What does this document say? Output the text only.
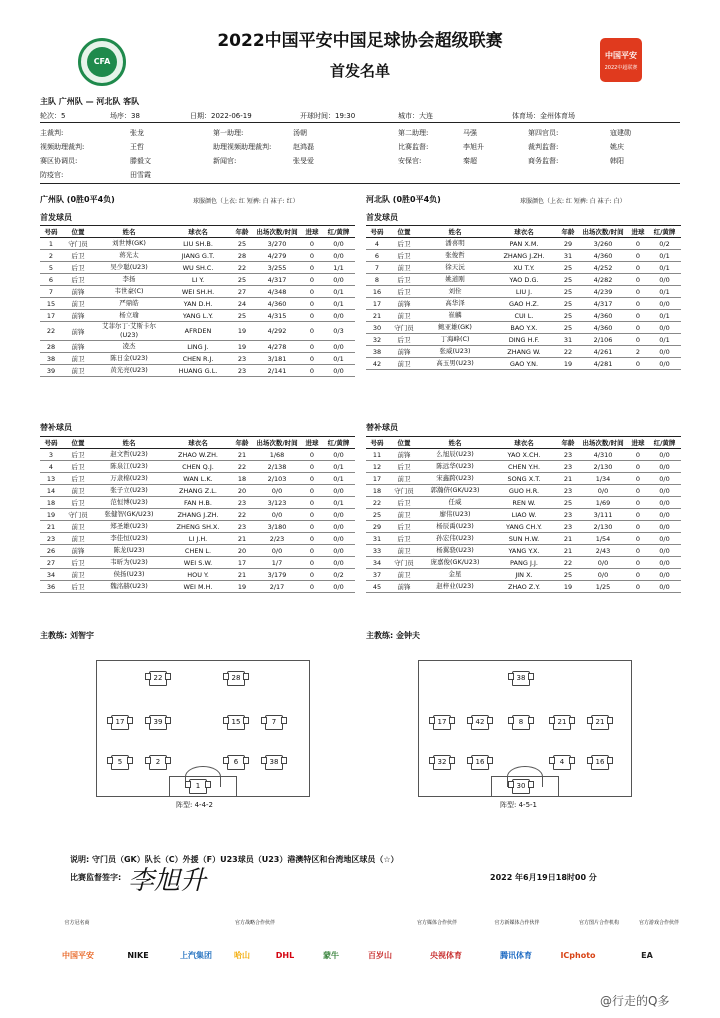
CFA
2022中国平安中国足球协会超级联赛
首发名单
中国平安
2022中超联赛
主队 广州队 — 河北队 客队
轮次：5	场序：38	日期：2022-06-19	开球时间：19:30	城市：大连	体育场：金州体育场
主裁判:	张龙	第一助理:	汤朝	第二助理:	马强	第四官员:	寇建勋
视频助理裁判:	王哲	助理视频助理裁判:	赵鸿磊	比赛监督:	李旭升	裁判监督:	姚庆
赛区协调员:	滕毅文	新闻官:	张旻爱	安保官:	秦超	商务监督:	韩阳
防疫官:	田雪霞
广州队 (0胜0平4负)	球服颜色（上衣: 红 短裤: 白 袜子: 红）	河北队 (0胜0平4负)	球服颜色（上衣: 红 短裤: 白 袜子: 白）
首发球员	首发球员
号码	位置	姓名	球衣名	年龄	出场次数/时间	进球	红/黄牌
1	守门员	刘世博(GK)	LIU SH.B.	25	3/270	0	0/0
2	后卫	蒋光太	JIANG G.T.	28	4/279	0	0/0
5	后卫	吴少聪(U23)	WU SH.C.	22	3/255	0	1/1
6	后卫	李扬	LI Y.	25	4/317	0	0/0
7	前锋	韦世豪(C)	WEI SH.H.	27	4/348	0	0/1
15	前卫	严鼎皓	YAN D.H.	24	4/360	0	0/1
17	前锋	杨立瑜	YANG L.Y.	25	4/315	0	0/0
22	前锋	艾菲尔丁·艾斯卡尔(U23)	AFRDEN	19	4/292	0	0/3
28	前锋	凌杰	LING J.	19	4/278	0	0/0
38	前卫	陈日金(U23)	CHEN R.J.	23	3/181	0	0/1
39	前卫	黄光亮(U23)	HUANG G.L.	23	2/141	0	0/0
号码	位置	姓名	球衣名	年龄	出场次数/时间	进球	红/黄牌
4	后卫	潘喜明	PAN X.M.	29	3/260	0	0/2
6	后卫	张俊哲	ZHANG J.ZH.	31	4/360	0	0/1
7	前卫	徐天沅	XU T.Y.	25	4/252	0	0/1
8	后卫	姚道刚	YAO D.G.	25	4/282	0	0/0
16	后卫	刘佺	LIU J.	25	4/239	0	0/1
17	前锋	高华泽	GAO H.Z.	25	4/317	0	0/0
21	前卫	崔麟	CUI L.	25	4/360	0	0/1
30	守门员	鲍亚雄(GK)	BAO Y.X.	25	4/360	0	0/0
32	后卫	丁海峰(C)	DING H.F.	31	2/106	0	0/1
38	前锋	张威(U23)	ZHANG W.	22	4/261	2	0/0
42	前卫	高玉男(U23)	GAO Y.N.	19	4/281	0	0/0
替补球员	替补球员
号码	位置	姓名	球衣名	年龄	出场次数/时间	进球	红/黄牌
3	后卫	赵文哲(U23)	ZHAO W.ZH.	21	1/68	0	0/0
4	后卫	陈泉江(U23)	CHEN Q.J.	22	2/138	0	0/1
13	后卫	万隶棉(U23)	WAN L.K.	18	2/103	0	0/1
14	前卫	张子立(U23)	ZHANG Z.L.	20	0/0	0	0/0
18	后卫	范恒博(U23)	FAN H.B.	23	3/123	0	0/1
19	守门员	张健智(GK/U23)	ZHANG J.ZH.	22	0/0	0	0/0
21	前卫	郑圣雄(U23)	ZHENG SH.X.	23	3/180	0	0/0
23	前卫	李佳恒(U23)	LI J.H.	21	2/23	0	0/0
26	前锋	陈龙(U23)	CHEN L.	20	0/0	0	0/0
27	后卫	韦昕为(U23)	WEI S.W.	17	1/7	0	0/0
34	前卫	侯扬(U23)	HOU Y.	21	3/179	0	0/2
36	后卫	魏洺赫(U23)	WEI M.H.	19	2/17	0	0/0
号码	位置	姓名	球衣名	年龄	出场次数/时间	进球	红/黄牌
11	前锋	么旭辰(U23)	YAO X.CH.	23	4/310	0	0/0
12	后卫	陈远华(U23)	CHEN Y.H.	23	2/130	0	0/0
17	前卫	宋鑫跨(U23)	SONG X.T.	21	1/34	0	0/0
18	守门员	郭瀚侪(GK/U23)	GUO H.R.	23	0/0	0	0/0
22	后卫	任威	REN W.	25	1/69	0	0/0
25	前卫	廖伟(U23)	LIAO W.	23	3/111	0	0/0
29	后卫	杨辰禹(U23)	YANG CH.Y.	23	2/130	0	0/0
31	后卫	孙宏伟(U23)	SUN H.W.	21	1/54	0	0/0
33	前卫	杨翼骁(U23)	YANG Y.X.	21	2/43	0	0/0
34	守门员	庞嘉俊(GK/U23)	PANG J.J.	22	0/0	0	0/0
37	前卫	金星	JIN X.	25	0/0	0	0/0
45	前锋	赵梓业(U23)	ZHAO Z.Y.	19	1/25	0	0/0
主教练: 刘智宇	主教练: 金钟夫
22	28
17	39	15	7
5	2	6	38
1
38
17	42	8	21	21
32	16	4	16
30
阵型: 4-4-2	阵型: 4-5-1
说明: 守门员（GK）队长（C）外援（F）U23球员（U23）港澳特区和台湾地区球员（☆）
比赛监督签字: 李旭升	2022 年6月19日18时00 分
官方冠名商	官方战略合作伙伴	官方媒体合作伙伴	官方新媒体合作伙伴	官方图片合作机构	官方游戏合作伙伴
中国平安	NIKE	上汽集团	哈山	DHL	蒙牛	百岁山	央视体育	腾讯体育	ICphoto	EA
@行走的Q多
